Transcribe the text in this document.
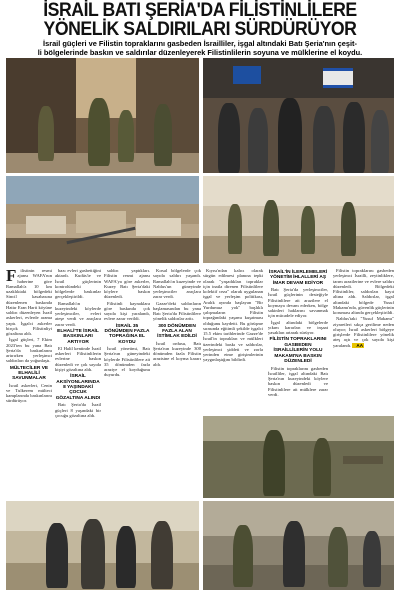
İSRAİL BATI ŞERİA'DA FİLİSTİNLİLERE
YÖNELİK SALDIRILARI SÜRDÜRÜYOR
İsrail güçleri ve Filistin topraklarını gasbeden İsrailliler, işgal altındaki Batı Şeria'nın çeşit-
li bölgelerinde baskın ve saldırılar düzenleyerek Filistinlilerin soyuna ve mülklerine el koydu.
F ilistinin resmi ajansı WAFA'nın haberine göre Ramallah'a 10 km uzaklıktaki bölgedeki Sincil kasabasına düzenlenen baskında Hattır Eran Harti köyüne saldırı düzenleyen İsrail askerleri, evlerde arama yaptı. İşgalci askerler birçok Filistinliyi gözaltına aldı.

İşgal güçleri, 7 Ekim 2023'ten bu yana Batı Şeria'da baskınlarını artırırken yerleşimci saldırıları da yoğunlaştı.

MÜLTECİLER VE ELHALİLİ SAVUNMALAR

İsrail askerleri, Cenin ve Tulkerem mülteci kamplarında baskınlarını sürdürüyor.

bazı evleri gasbettiğini aktardı. Kudüs'te ve İsrail güçlerinin kontrolündeki bölgelerde baskınlar gerçekleştirildi.

Ramallah'ın kuzeyindeki köylerde yerleşimciler, evleri ateşe verdi ve araçlara zarar verdi.

ELHALİ'TE İSRAİL BASKINLARI ARTIYOR

El Halil kentinde İsrail askerleri Filistinlilerin evlerine baskın düzenledi ve çok sayıda kişiyi gözaltına aldı.

İSRAİL AKSİYONLARINDA 8 YAŞINDAKİ ÇOCUK GÖZALTINA ALINDI

Batı Şeria'da İsrail güçleri 8 yaşındaki bir çocuğu gözaltına aldı.

saldırı yaptıkları. Filistin resmi ajansı WAFA'ya göre askerler, Kuzey Batı Şeria'daki köylere baskın düzenledi.

Filistinli kaynaklara göre baskında çok sayıda kişi yaralandı, evlere zarar verildi.

İSRAİL 35 DÖNÜMDEN FAZLA TOPRAĞINA EL KOYDU

İsrail yönetimi, Batı Şeria'nın güneyindeki köylerde Filistinlilere ait 35 dönümden fazla araziye el koyduğunu duyurdu.

Kırsal bölgelerde çok sayıda saldırı yaşandı. Ramallah'ın kuzeyinde ve Nablus'un güneyinde yerleşimciler araçlara zarar verdi.

Gazze'deki saldırıların başlamasından bu yana Batı Şeria'da Filistinlilere yönelik saldırılar arttı.

300 DÖNÜMDEN FAZLA ALAN İSTİMLAK EDİLDİ

İsrail ordusu, Batı Şeria'nın kuzeyinde 300 dönümden fazla Filistin arazisine el koyma kararı aldı.

Kıyısı'ndan kalıcı olarak sürgün edilmesi planına tepki olarak "yaşadıkları topraklar için inatla direnen Filistinlilere kolektif ceza" olarak uygulanan işgal ve yerleşim politikası, Aralık ayında başlayan "Bir Yurdumuz yok" başlıklı çalışmaların Filistin toprağındaki yaşamı kuşatması olduğunu kaydetti. Bu görüşme sırasında eğitimli şekilde işgalci 15.5 ekim tarihlerinde Gazze'de İsrail'in toprakları ve mülkleri üzerindeki baskı ve saldırılar, yerleşimci şiddeti ve zorla yerinden etme girişimlerinin yaygınlaştığını bildirdi.

İSRAİL'İN İLERLEMELERİ YÖNETİM İHLALLERİ AŞ İMAR DEVAM EDİYOR

Batı Şeria'da yerleşimciler, İsrail güçlerinin desteğiyle Filistinlilere ait arazilere el koymaya devam ederken, bölge sakinleri haklarını savunmak için mücadele ediyor.

İşgal altındaki bölgelerde yıkım kararları ve inşaat yasakları artarak sürüyor.

FİLİSTİN TOPRAKLARINI GASBEDEN İSRAİLLİLERİN YOLU MAKAMI'NA BASKIN DÜZENLEDİ

Filistin topraklarını gasbeden İsrailliler, işgal altındaki Batı Şeria'nın kuzeyindeki köylere baskın düzenledi ve Filistinlilere ait mülklere zarar verdi.

Filistin topraklarını gasbeden yerleşimci İsrailli, zeytinliklere, tarım arazilerine ve evlere saldırı düzenledi. Bölgedeki Filistinliler, saldırıları kayıt altına aldı. Saldırılar, işgal altındaki bölgede Yusuf Makamı'nda, güvenlik güçlerinin koruması altında gerçekleştirildi.

Nablus'taki "Yusuf Makamı" ziyaretleri sıkça gerilime neden oluyor; İsrail askerleri bölgeye girişlerde Filistinlilere yönelik ateş açtı ve çok sayıda kişi yaralandı. AA
